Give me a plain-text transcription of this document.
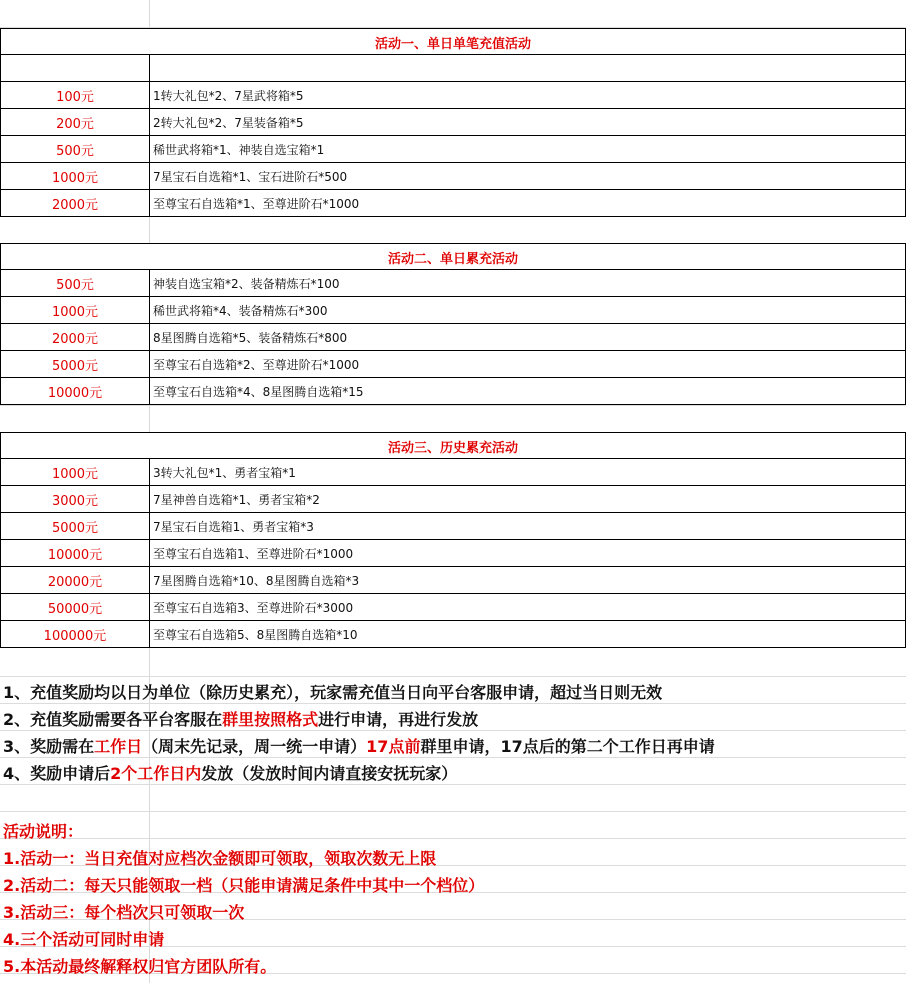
活动一、单日单笔充值活动
100元	1转大礼包*2、7星武将箱*5
200元	2转大礼包*2、7星装备箱*5
500元	稀世武将箱*1、神装自选宝箱*1
1000元	7星宝石自选箱*1、宝石进阶石*500
2000元	至尊宝石自选箱*1、至尊进阶石*1000
活动二、单日累充活动
500元	神装自选宝箱*2、装备精炼石*100
1000元	稀世武将箱*4、装备精炼石*300
2000元	8星图腾自选箱*5、装备精炼石*800
5000元	至尊宝石自选箱*2、至尊进阶石*1000
10000元	至尊宝石自选箱*4、8星图腾自选箱*15
活动三、历史累充活动
1000元	3转大礼包*1、勇者宝箱*1
3000元	7星神兽自选箱*1、勇者宝箱*2
5000元	7星宝石自选箱1、勇者宝箱*3
10000元	至尊宝石自选箱1、至尊进阶石*1000
20000元	7星图腾自选箱*10、8星图腾自选箱*3
50000元	至尊宝石自选箱3、至尊进阶石*3000
100000元	至尊宝石自选箱5、8星图腾自选箱*10
1、充值奖励均以日为单位（除历史累充），玩家需充值当日向平台客服申请，超过当日则无效
2、充值奖励需要各平台客服在群里按照格式进行申请，再进行发放
3、奖励需在工作日（周末先记录，周一统一申请）17点前群里申请，17点后的第二个工作日再申请
4、奖励申请后2个工作日内发放（发放时间内请直接安抚玩家）
活动说明：
1.活动一：当日充值对应档次金额即可领取，领取次数无上限
2.活动二：每天只能领取一档（只能申请满足条件中其中一个档位）
3.活动三：每个档次只可领取一次
4.三个活动可同时申请
5.本活动最终解释权归官方团队所有。
